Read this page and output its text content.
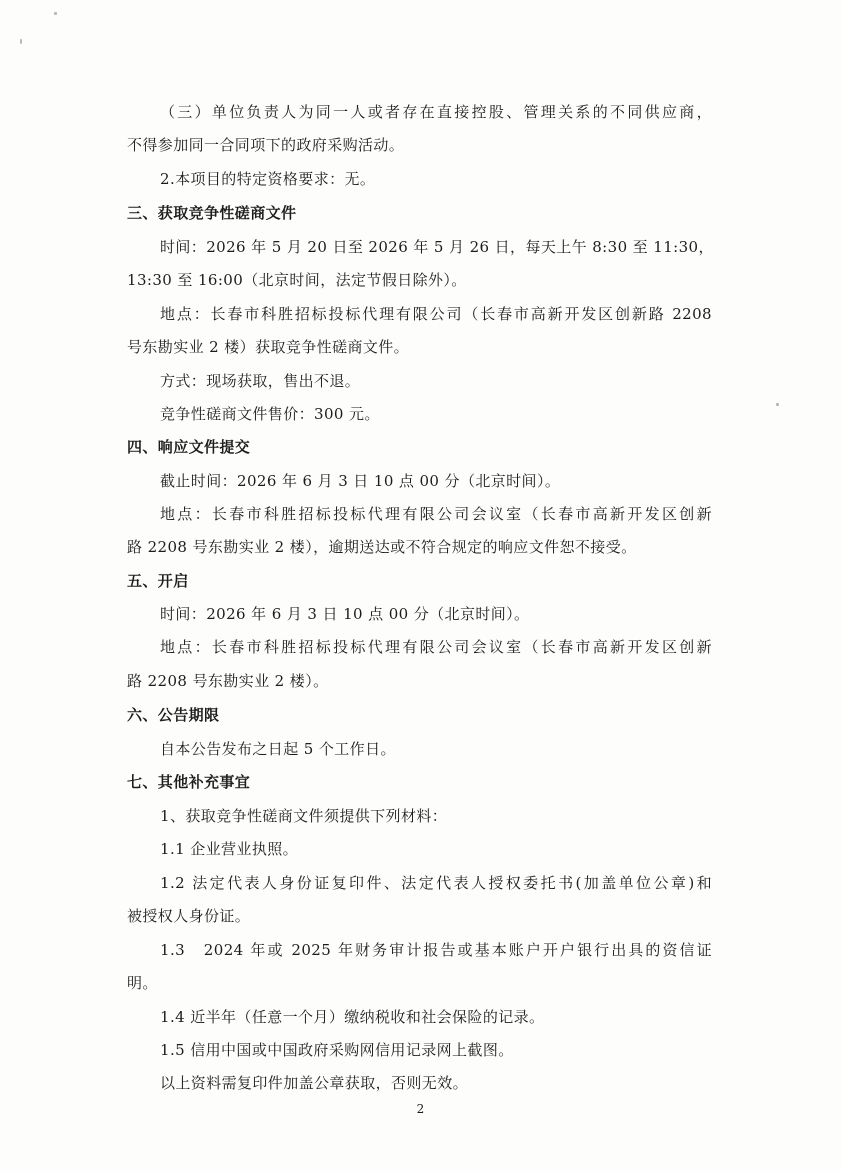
（三）单位负责人为同一人或者存在直接控股、管理关系的不同供应商，
不得参加同一合同项下的政府采购活动。
2.本项目的特定资格要求：无。
三、获取竞争性磋商文件
时间：2026 年 5 月 20 日至 2026 年 5 月 26 日，每天上午 8:30 至 11:30，
13:30 至 16:00（北京时间，法定节假日除外）。
地点：长春市科胜招标投标代理有限公司（长春市高新开发区创新路 2208
号东勘实业 2 楼）获取竞争性磋商文件。
方式：现场获取，售出不退。
竞争性磋商文件售价：300 元。
四、响应文件提交
截止时间：2026 年 6 月 3 日 10 点 00 分（北京时间）。
地点：长春市科胜招标投标代理有限公司会议室（长春市高新开发区创新
路 2208 号东勘实业 2 楼），逾期送达或不符合规定的响应文件恕不接受。
五、开启
时间：2026 年 6 月 3 日 10 点 00 分（北京时间）。
地点：长春市科胜招标投标代理有限公司会议室（长春市高新开发区创新
路 2208 号东勘实业 2 楼）。
六、公告期限
自本公告发布之日起 5 个工作日。
七、其他补充事宜
1、获取竞争性磋商文件须提供下列材料：
1.1 企业营业执照。
1.2 法定代表人身份证复印件、法定代表人授权委托书(加盖单位公章)和
被授权人身份证。
1.3　2024 年或 2025 年财务审计报告或基本账户开户银行出具的资信证
明。
1.4 近半年（任意一个月）缴纳税收和社会保险的记录。
1.5 信用中国或中国政府采购网信用记录网上截图。
以上资料需复印件加盖公章获取，否则无效。
2
